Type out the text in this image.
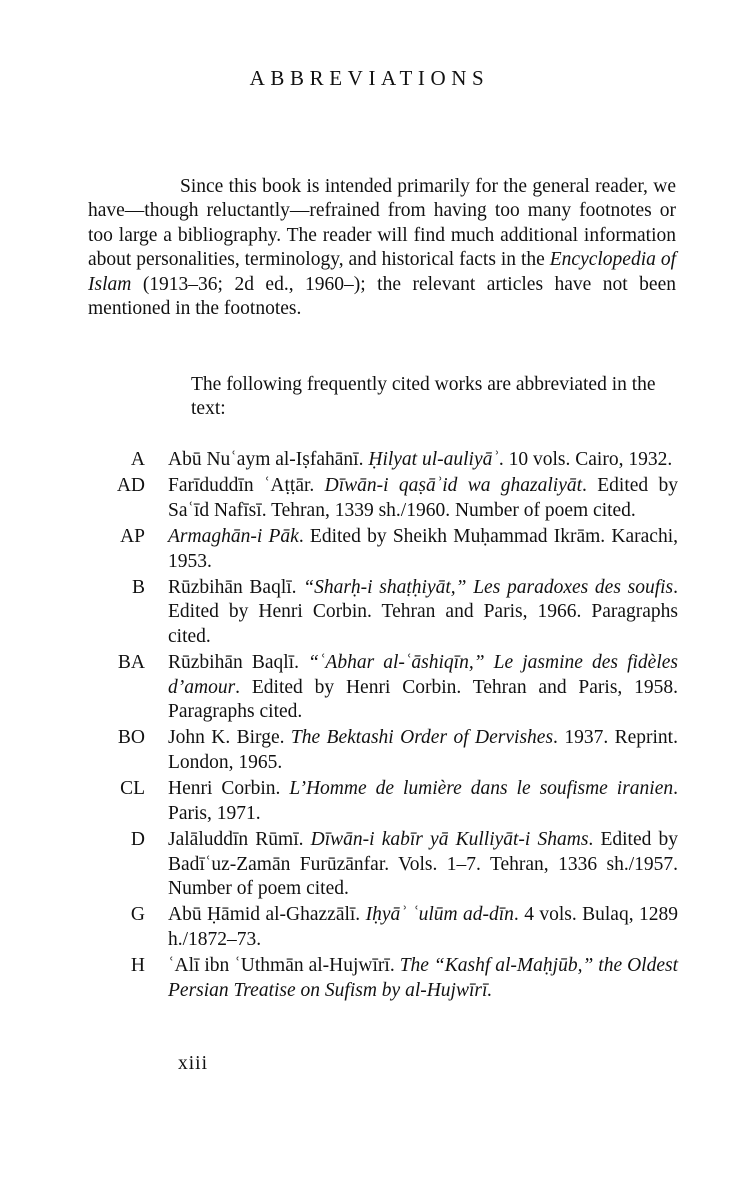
ABBREVIATIONS

Since this book is intended primarily for the general reader, we have—though reluctantly—refrained from having too many footnotes or too large a bibliography. The reader will find much additional information about personalities, terminology, and historical facts in the Encyclopedia of Islam (1913–36; 2d ed., 1960–); the relevant articles have not been mentioned in the footnotes.

The following frequently cited works are abbreviated in the text:

A	Abū Nuʿaym al-Iṣfahānī. Ḥilyat ul-auliyāʾ. 10 vols. Cairo, 1932.
AD	Farīduddīn ʿAṭṭār. Dīwān-i qaṣāʾid wa ghazaliyāt. Edited by Saʿīd Nafīsī. Tehran, 1339 sh./1960. Number of poem cited.
AP	Armaghān-i Pāk. Edited by Sheikh Muḥammad Ikrām. Karachi, 1953.
B	Rūzbihān Baqlī. “Sharḥ-i shaṭḥiyāt,” Les paradoxes des soufis. Edited by Henri Corbin. Tehran and Paris, 1966. Paragraphs cited.
BA	Rūzbihān Baqlī. “ʿAbhar al-ʿāshiqīn,” Le jasmine des fidèles d’amour. Edited by Henri Corbin. Tehran and Paris, 1958. Paragraphs cited.
BO	John K. Birge. The Bektashi Order of Dervishes. 1937. Reprint. London, 1965.
CL	Henri Corbin. L’Homme de lumière dans le soufisme iranien. Paris, 1971.
D	Jalāluddīn Rūmī. Dīwān-i kabīr yā Kulliyāt-i Shams. Edited by Badīʿuz-Zamān Furūzānfar. Vols. 1–7. Tehran, 1336 sh./1957. Number of poem cited.
G	Abū Ḥāmid al-Ghazzālī. Iḥyāʾ ʿulūm ad-dīn. 4 vols. Bulaq, 1289 h./1872–73.
H	ʿAlī ibn ʿUthmān al-Hujwīrī. The “Kashf al-Maḥjūb,” the Oldest Persian Treatise on Sufism by al-Hujwīrī.

xiii
